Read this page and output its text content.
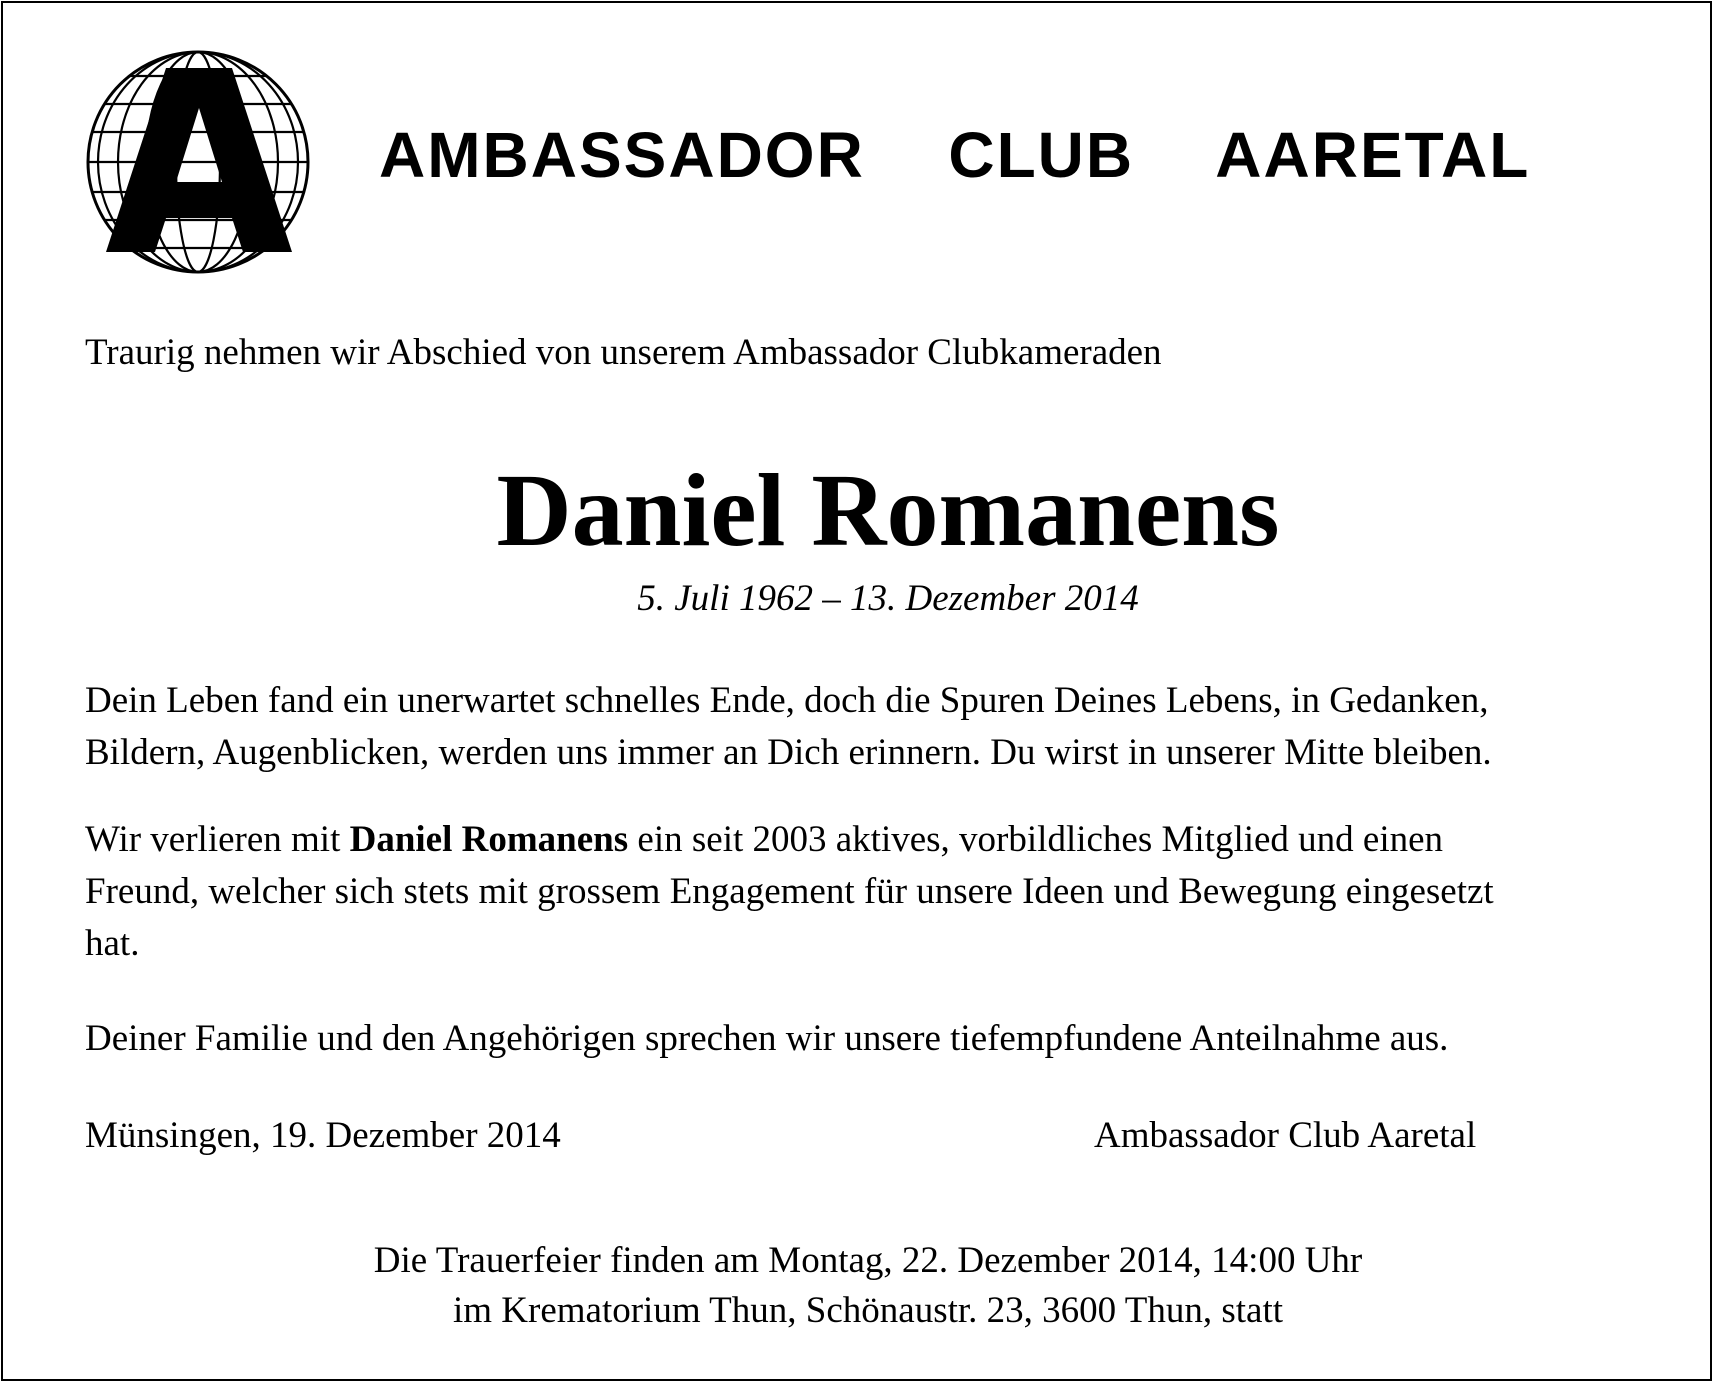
AMBASSADOR  CLUB  AARETAL
Traurig nehmen wir Abschied von unserem Ambassador Clubkameraden
Daniel Romanens
5. Juli 1962 – 13. Dezember 2014
Dein Leben fand ein unerwartet schnelles Ende, doch die Spuren Deines Lebens, in Gedanken,
Bildern, Augenblicken, werden uns immer an Dich erinnern. Du wirst in unserer Mitte bleiben.
Wir verlieren mit Daniel Romanens ein seit 2003 aktives, vorbildliches Mitglied und einen
Freund, welcher sich stets mit grossem Engagement für unsere Ideen und Bewegung eingesetzt
hat.
Deiner Familie und den Angehörigen sprechen wir unsere tiefempfundene Anteilnahme aus.
Münsingen, 19. Dezember 2014	Ambassador Club Aaretal
Die Trauerfeier finden am Montag, 22. Dezember 2014, 14:00 Uhr
im Krematorium Thun, Schönaustr. 23, 3600 Thun, statt
